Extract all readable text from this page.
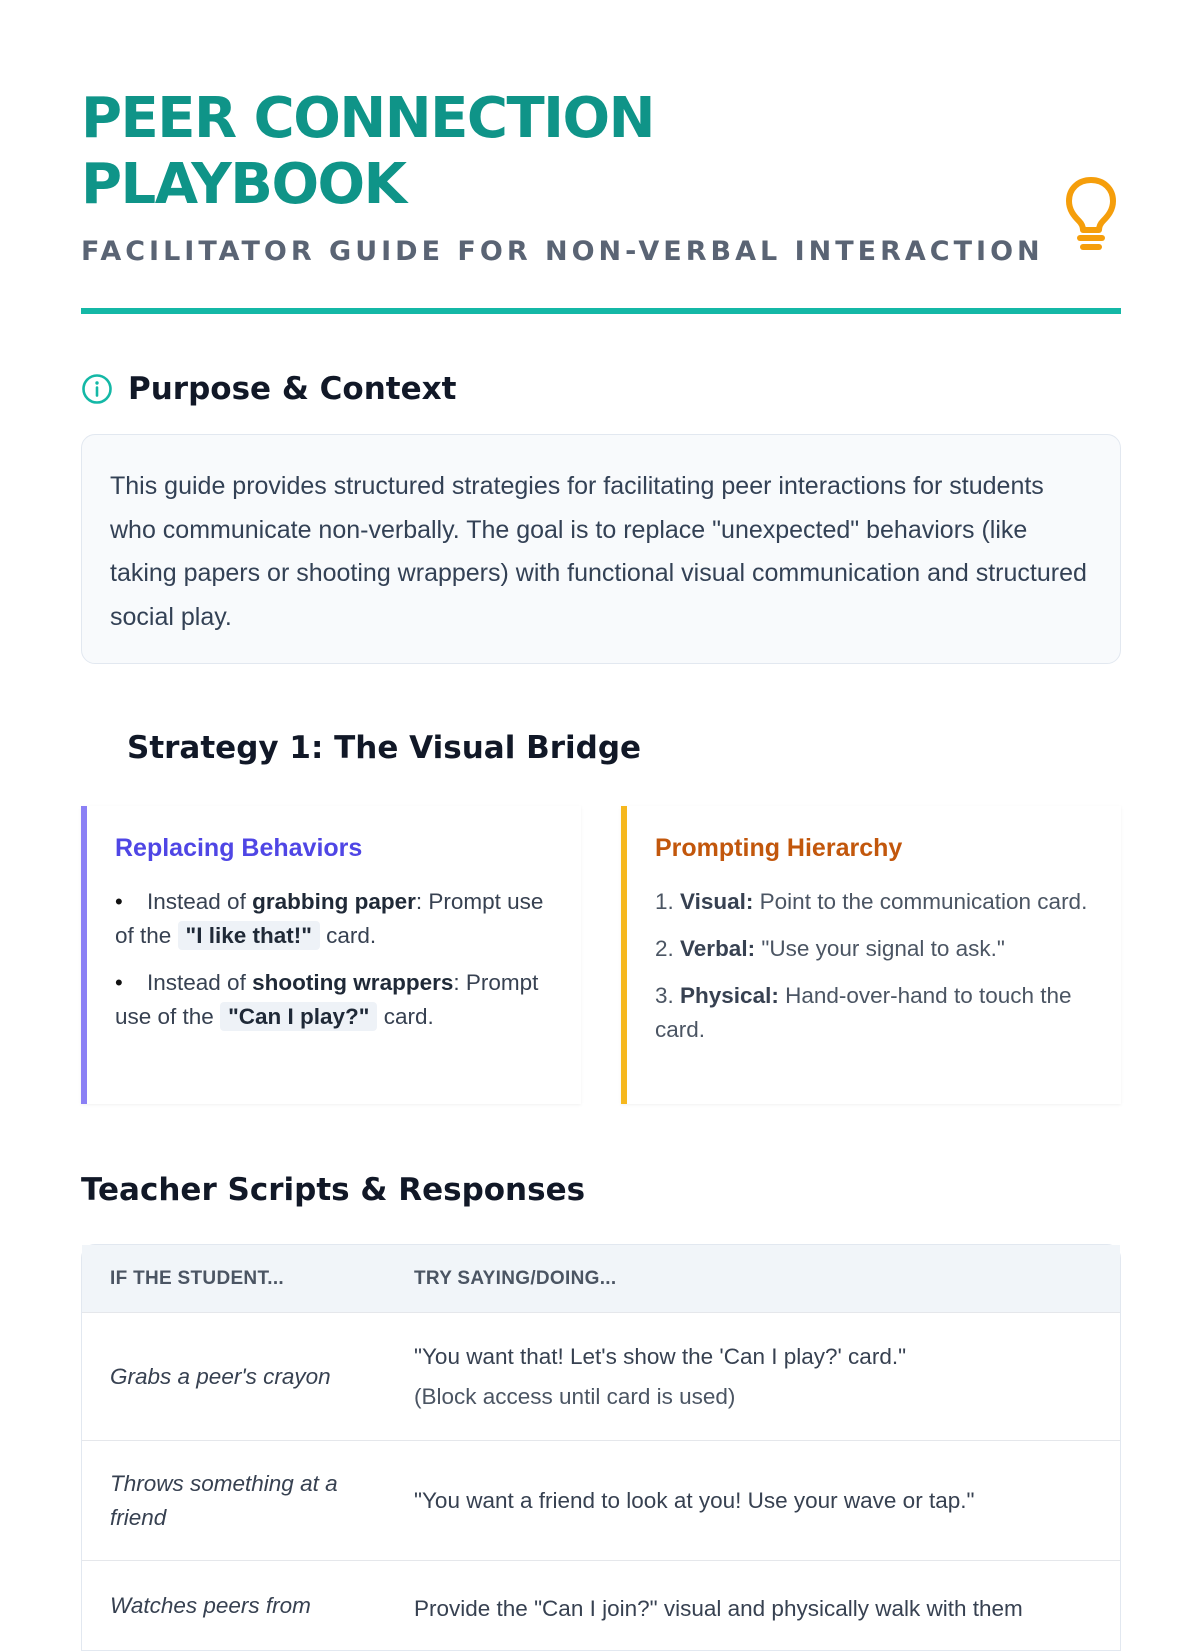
PEER CONNECTION PLAYBOOK
FACILITATOR GUIDE FOR NON-VERBAL INTERACTION
Purpose & Context

This guide provides structured strategies for facilitating peer interactions for students who communicate non-verbally. The goal is to replace "unexpected" behaviors (like taking papers or shooting wrappers) with functional visual communication and structured social play.

Strategy 1: The Visual Bridge
Replacing Behaviors
• Instead of grabbing paper: Prompt use of the "I like that!" card.
• Instead of shooting wrappers: Prompt use of the "Can I play?" card.
Prompting Hierarchy
1. Visual: Point to the communication card.
2. Verbal: "Use your signal to ask."
3. Physical: Hand-over-hand to touch the card.
Teacher Scripts & Responses
IF THE STUDENT...	TRY SAYING/DOING...
Grabs a peer's crayon
"You want that! Let's show the 'Can I play?' card."
(Block access until card is used)
Throws something at a friend
"You want a friend to look at you! Use your wave or tap."
Watches peers from	Provide the "Can I join?" visual and physically walk with them
